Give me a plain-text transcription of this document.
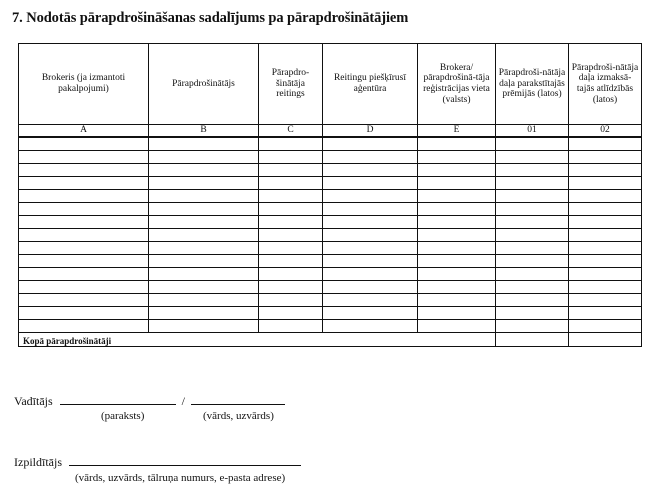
7. Nodotās pārapdrošināšanas sadalījums pa pārapdrošinātājiem
Brokeris (ja izmantoti pakalpojumi)	Pārapdrošinātājs	Pārapdro-šinātāja reitings	Reitingu piešķīrusī aģentūra	Brokera/ pārapdrošinā-tāja reģistrācijas vieta (valsts)	Pārapdroši-nātāja daļa parakstītajās prēmijās (latos)	Pārapdroši-nātāja daļa izmaksā-tajās atlīdzībās (latos)
A	B	C	D	E	01	02

Kopā pārapdrošinātāji						
Vadītājs	/
(paraksts)	(vārds, uzvārds)
Izpildītājs
(vārds, uzvārds, tālruņa numurs, e-pasta adrese)
